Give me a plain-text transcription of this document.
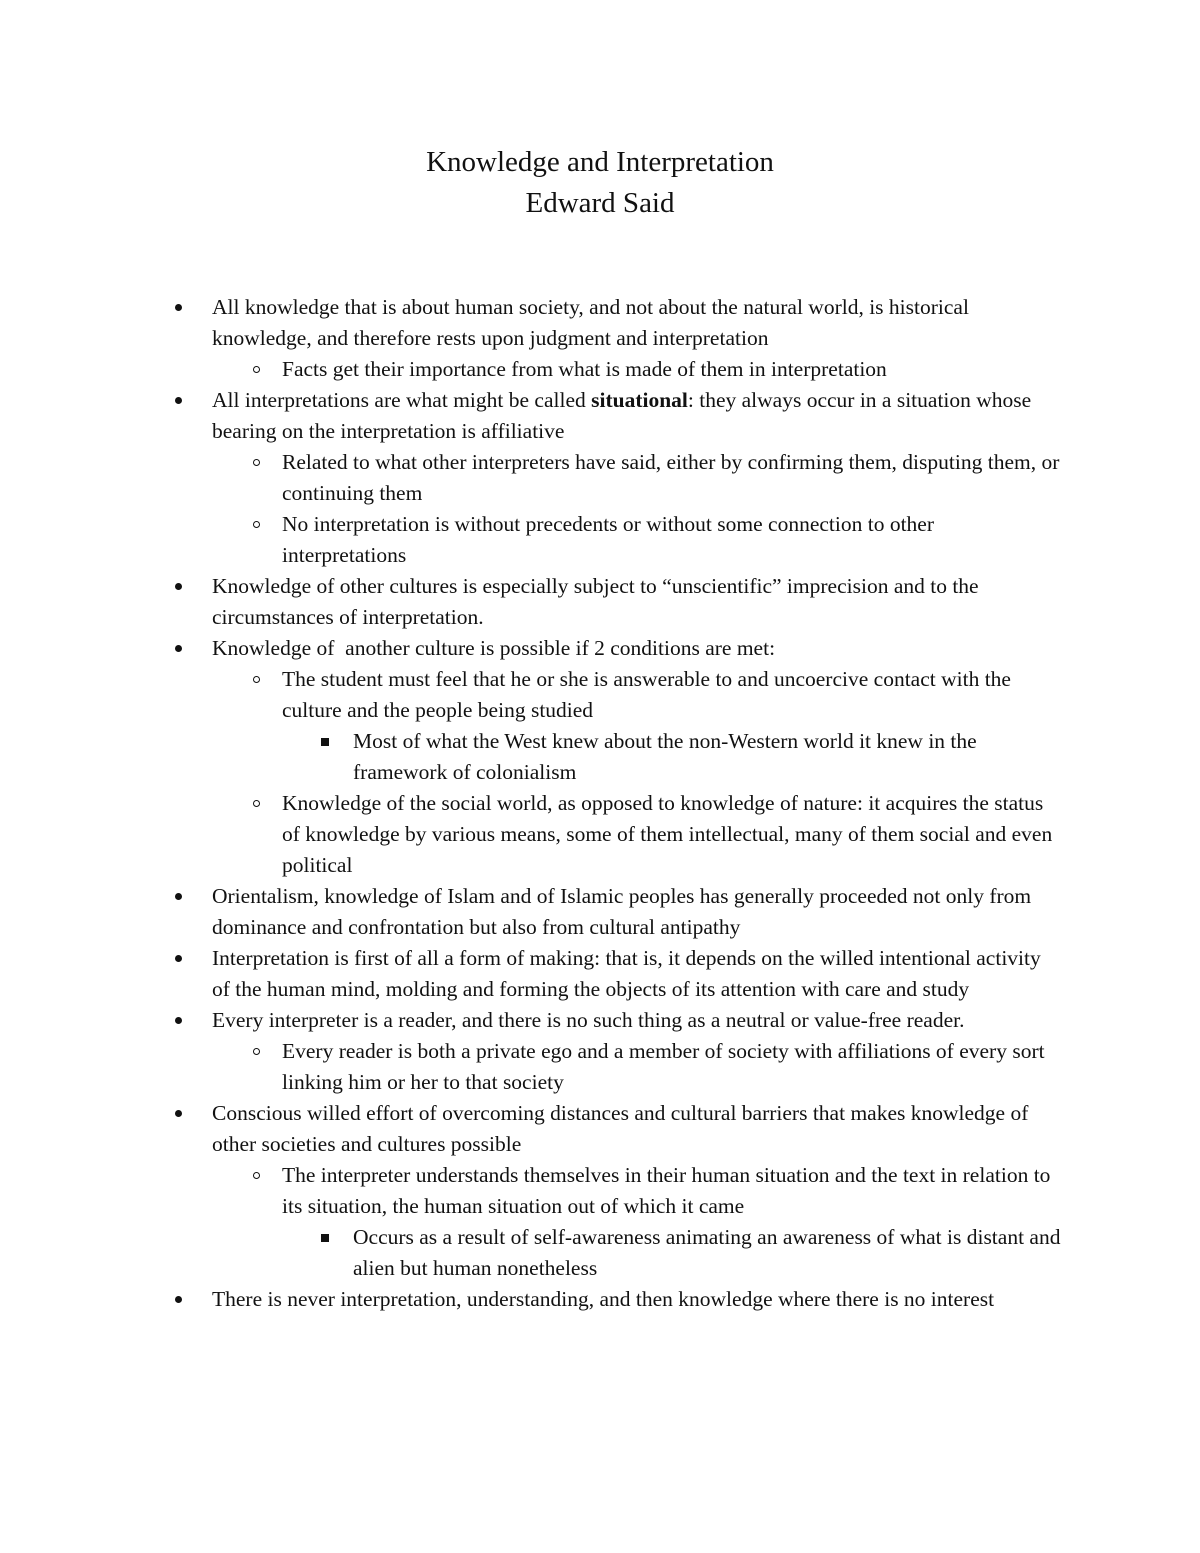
Knowledge and Interpretation
Edward Said
All knowledge that is about human society, and not about the natural world, is historical knowledge, and therefore rests upon judgment and interpretation
Facts get their importance from what is made of them in interpretation
All interpretations are what might be called situational: they always occur in a situation whose bearing on the interpretation is affiliative
Related to what other interpreters have said, either by confirming them, disputing them, or continuing them
No interpretation is without precedents or without some connection to other interpretations
Knowledge of other cultures is especially subject to “unscientific” imprecision and to the circumstances of interpretation.
Knowledge of  another culture is possible if 2 conditions are met:
The student must feel that he or she is answerable to and uncoercive contact with the culture and the people being studied
Most of what the West knew about the non-Western world it knew in the framework of colonialism
Knowledge of the social world, as opposed to knowledge of nature: it acquires the status of knowledge by various means, some of them intellectual, many of them social and even political
Orientalism, knowledge of Islam and of Islamic peoples has generally proceeded not only from dominance and confrontation but also from cultural antipathy
Interpretation is first of all a form of making: that is, it depends on the willed intentional activity of the human mind, molding and forming the objects of its attention with care and study
Every interpreter is a reader, and there is no such thing as a neutral or value-free reader.
Every reader is both a private ego and a member of society with affiliations of every sort linking him or her to that society
Conscious willed effort of overcoming distances and cultural barriers that makes knowledge of other societies and cultures possible
The interpreter understands themselves in their human situation and the text in relation to its situation, the human situation out of which it came
Occurs as a result of self-awareness animating an awareness of what is distant and alien but human nonetheless
There is never interpretation, understanding, and then knowledge where there is no interest
